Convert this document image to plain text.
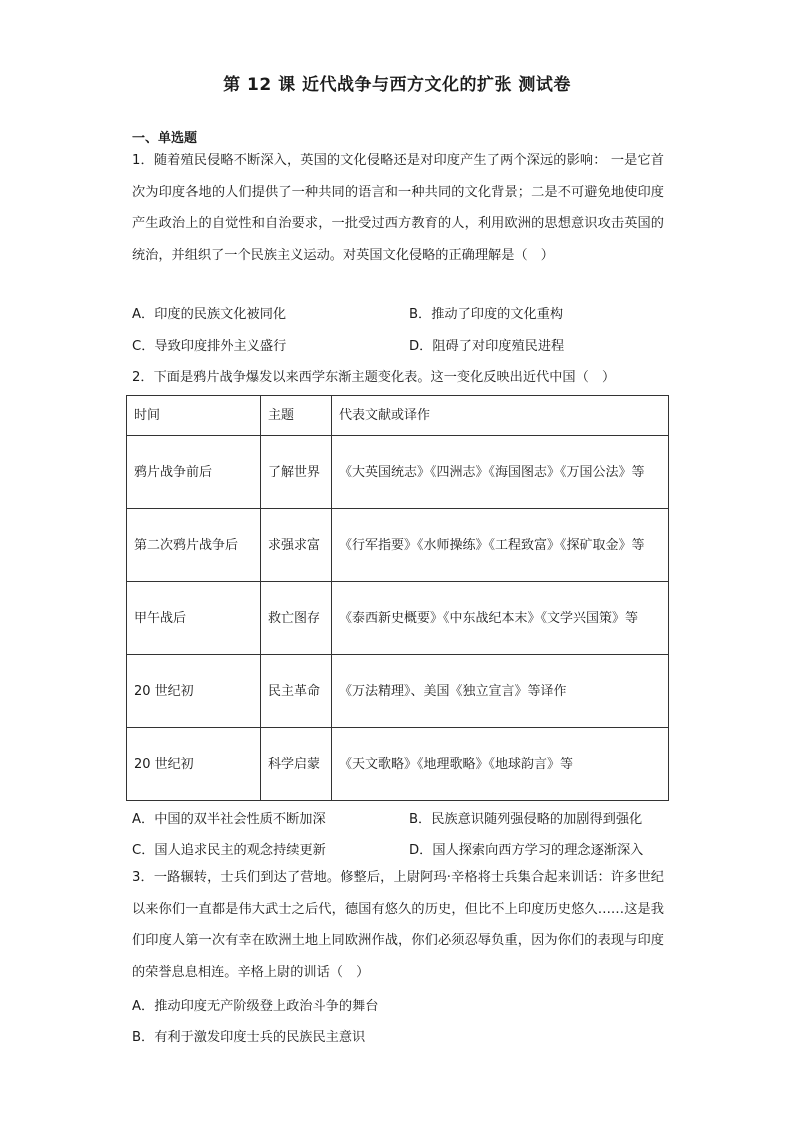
第 12 课 近代战争与西方文化的扩张 测试卷
一、单选题

1．随着殖民侵略不断深入，英国的文化侵略还是对印度产生了两个深远的影响： 一是它首次为印度各地的人们提供了一种共同的语言和一种共同的文化背景；二是不可避免地使印度产生政治上的自觉性和自治要求，一批受过西方教育的人，利用欧洲的思想意识攻击英国的统治，并组织了一个民族主义运动。对英国文化侵略的正确理解是（　）

A．印度的民族文化被同化	B．推动了印度的文化重构
C．导致印度排外主义盛行	D．阻碍了对印度殖民进程
2．下面是鸦片战争爆发以来西学东渐主题变化表。这一变化反映出近代中国（　）
时间	主题	代表文献或译作
鸦片战争前后	了解世界	《大英国统志》《四洲志》《海国图志》《万国公法》等
第二次鸦片战争后	求强求富	《行军指要》《水师操练》《工程致富》《探矿取金》等
甲午战后	救亡图存	《泰西新史概要》《中东战纪本末》《文学兴国策》等
20 世纪初	民主革命	《万法精理》、美国《独立宣言》等译作
20 世纪初	科学启蒙	《天文歌略》《地理歌略》《地球韵言》等
A．中国的双半社会性质不断加深	B．民族意识随列强侵略的加剧得到强化
C．国人追求民主的观念持续更新	D．国人探索向西方学习的理念逐渐深入

3．一路辗转，士兵们到达了营地。修整后，上尉阿玛·辛格将士兵集合起来训话：许多世纪以来你们一直都是伟大武士之后代，德国有悠久的历史，但比不上印度历史悠久……这是我们印度人第一次有幸在欧洲土地上同欧洲作战，你们必须忍辱负重，因为你们的表现与印度的荣誉息息相连。辛格上尉的训话（　）

A．推动印度无产阶级登上政治斗争的舞台
B．有利于激发印度士兵的民族民主意识
